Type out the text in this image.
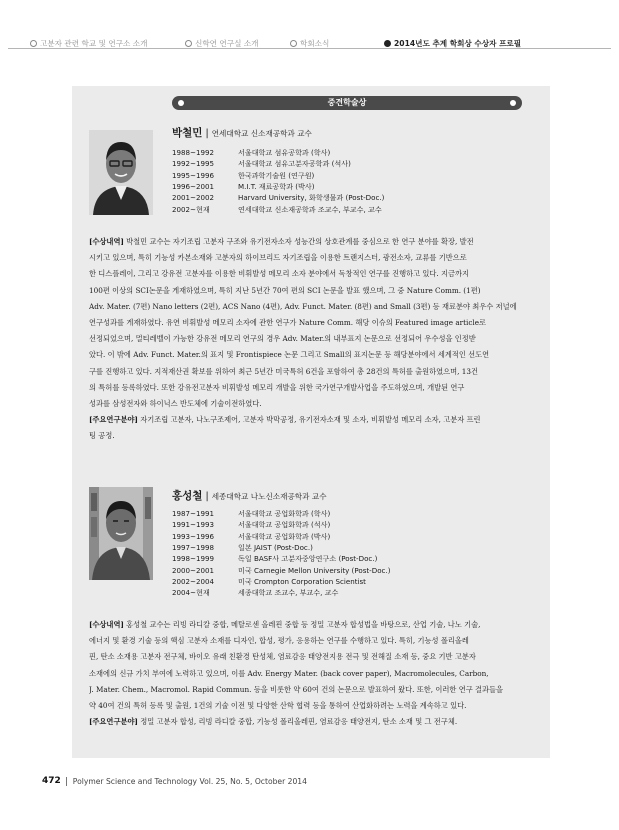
고분자 관련 학교 및 연구소 소개	신학연 연구실 소개	학회소식	2014년도 추계 학회상 수상자 프로필
중견학술상
박철민 | 연세대학교 신소재공학과 교수
1988~1992	서울대학교 섬유공학과 (학사)
1992~1995	서울대학교 섬유고분자공학과 (석사)
1995~1996	한국과학기술원 (연구원)
1996~2001	M.I.T. 재료공학과 (박사)
2001~2002	Harvard University, 화학생물과 (Post-Doc.)
2002~현재	연세대학교 신소재공학과 조교수, 부교수, 교수
[수상내역] 박철민 교수는 자기조립 고분자 구조와 유기전자소자 성능간의 상호관계를 중심으로 한 연구 분야를 확장, 발전
시키고 있으며, 특히 기능성 카본소재와 고분자의 하이브리드 자기조립을 이용한 트랜지스터, 광전소자, 교류를 기반으로
한 디스플레이, 그리고 강유전 고분자를 이용한 비휘발성 메모리 소자 분야에서 독창적인 연구를 진행하고 있다. 지금까지
100편 이상의 SCI논문을 게재하였으며, 특히 지난 5년간 70여 편의 SCI 논문을 발표 했으며, 그 중 Nature Comm. (1편)
Adv. Mater. (7편) Nano letters (2편), ACS Nano (4편), Adv. Funct. Mater. (8편) and Small (3편) 등 재료분야 최우수 저널에
연구성과를 게재하였다. 유연 비휘발성 메모리 소자에 관한 연구가 Nature Comm. 해당 이슈의 Featured image article로
선정되었으며, 멀티레벨이 가능한 강유전 메모리 연구의 경우 Adv. Mater.의 내부표지 논문으로 선정되어 우수성을 인정받
았다. 이 밖에 Adv. Funct. Mater.의 표지 및 Frontispiece 논문 그리고 Small의 표지논문 등 해당분야에서 세계적인 선도연
구를 진행하고 있다. 지적재산권 확보를 위하여 최근 5년간 미국특허 6건을 포함하여 총 28건의 특허를 출원하였으며, 13건
의 특허를 등록하였다. 또한 강유전고분자 비휘발성 메모리 개발을 위한 국가연구개발사업을 주도하였으며, 개발된 연구
성과를 삼성전자와 하이닉스 반도체에 기술이전하였다.
[주요연구분야] 자기조립 고분자, 나노구조제어, 고분자 박막공정, 유기전자소재 및 소자, 비휘발성 메모리 소자, 고분자 프린
팅 공정.
홍성철 | 세종대학교 나노신소재공학과 교수
1987~1991	서울대학교 공업화학과 (학사)
1991~1993	서울대학교 공업화학과 (석사)
1993~1996	서울대학교 공업화학과 (박사)
1997~1998	일본 JAIST (Post-Doc.)
1998~1999	독일 BASF사 고분자중앙연구소 (Post-Doc.)
2000~2001	미국 Carnegie Mellon University (Post-Doc.)
2002~2004	미국 Crompton Corporation Scientist
2004~현재	세종대학교 조교수, 부교수, 교수
[수상내역] 홍성철 교수는 리빙 라디칼 중합, 메탈로센 올레핀 중합 등 정밀 고분자 합성법을 바탕으로, 산업 기술, 나노 기술,
에너지 및 환경 기술 등의 핵심 고분자 소재를 디자인, 합성, 평가, 응용하는 연구를 수행하고 있다. 특히, 기능성 폴리올레
핀, 탄소 소재용 고분자 전구체, 바이오 유래 친환경 탄성체, 염료감응 태양전지용 전극 및 전해질 소재 등, 중요 기반 고분자
소재에의 신규 가치 부여에 노력하고 있으며, 이를 Adv. Energy Mater. (back cover paper), Macromolecules, Carbon,
J. Mater. Chem., Macromol. Rapid Commun. 등을 비롯한 약 60여 건의 논문으로 발표하여 왔다. 또한, 이러한 연구 결과들을
약 40여 건의 특허 등록 및 출원, 1건의 기술 이전 및 다양한 산학 협력 등을 통하여 산업화하려는 노력을 계속하고 있다.
[주요연구분야] 정밀 고분자 합성, 리빙 라디칼 중합, 기능성 폴리올레핀, 염료감응 태양전지, 탄소 소재 및 그 전구체.
472 Polymer Science and Technology Vol. 25, No. 5, October 2014
